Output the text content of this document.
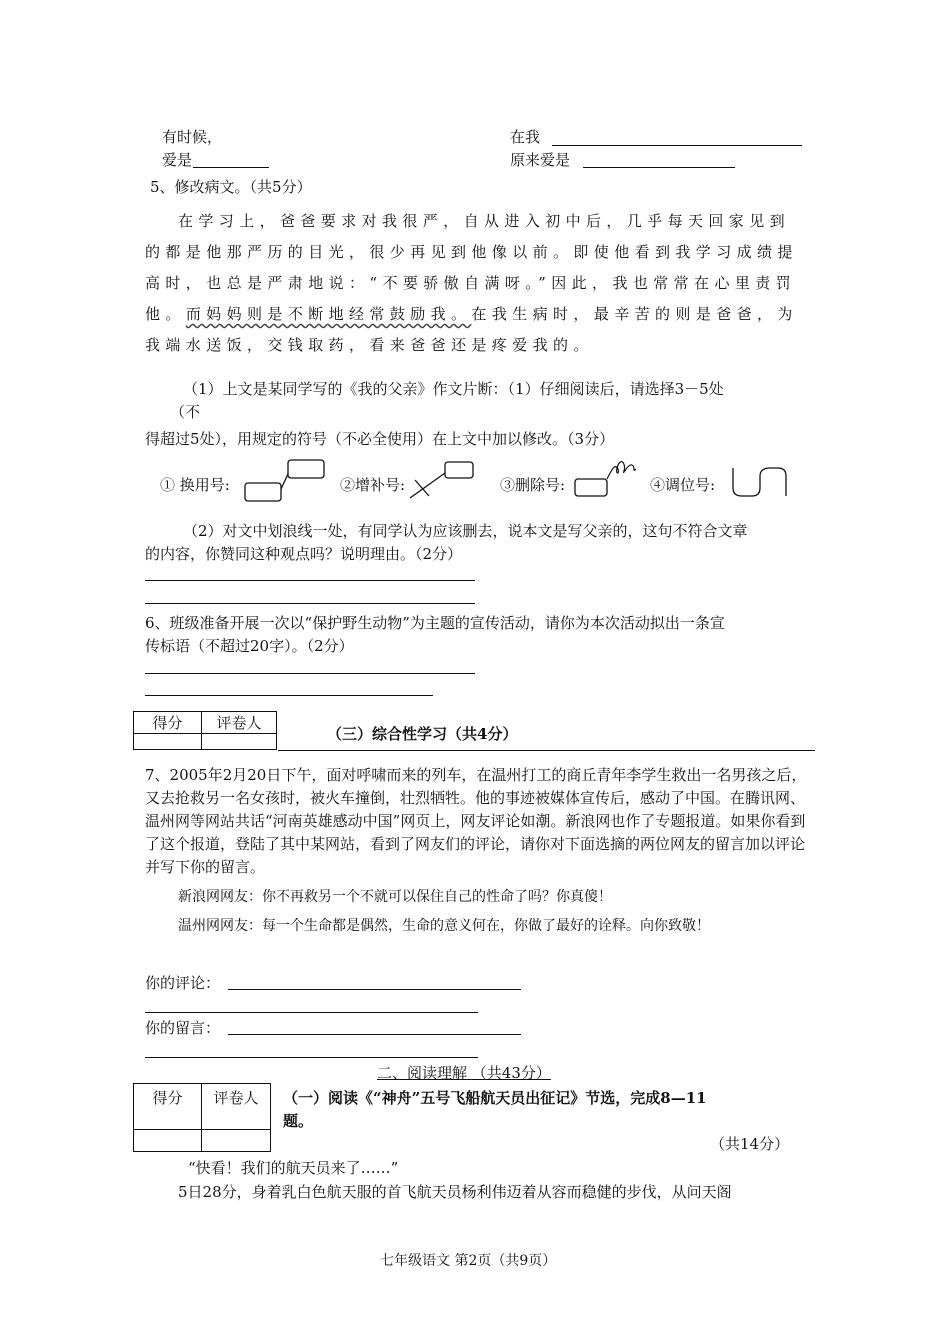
有时候，	在我
爱是	原来爱是
5、修改病文。（共5分）
在学习上，爸爸要求对我很严，自从进入初中后，几乎每天回家见到的都是他那严历的目光，很少再见到他像以前。即使他看到我学习成绩提高时，也总是严肃地说：“不要骄傲自满呀。”因此，我也常常在心里责罚他。而妈妈则是不断地经常鼓励我。在我生病时，最辛苦的则是爸爸，为我端水送饭，交钱取药，看来爸爸还是疼爱我的。
（1）上文是某同学写的《我的父亲》作文片断：（1）仔细阅读后，请选择3－5处
（不
得超过5处），用规定的符号（不必全使用）在上文中加以修改。（3分）
① 换用号:	②增补号:	③删除号:	④调位号:
（2）对文中划浪线一处，有同学认为应该删去，说本文是写父亲的，这句不符合文章
的内容，你赞同这种观点吗？说明理由。（2分）
6、班级准备开展一次以“保护野生动物”为主题的宣传活动，请你为本次活动拟出一条宣
传标语（不超过20字）。（2分）
得分	评卷人

（三）综合性学习（共4分）
7、2005年2月20日下午，面对呼啸而来的列车，在温州打工的商丘青年李学生救出一名男孩之后，又去抢救另一名女孩时，被火车撞倒，壮烈牺牲。他的事迹被媒体宣传后，感动了中国。在腾讯网、温州网等网站共话“河南英雄感动中国”网页上，网友评论如潮。新浪网也作了专题报道。如果你看到了这个报道，登陆了其中某网站，看到了网友们的评论，请你对下面选摘的两位网友的留言加以评论并写下你的留言。
新浪网网友：你不再救另一个不就可以保住自己的性命了吗？你真傻！
温州网网友：每一个生命都是偶然，生命的意义何在，你做了最好的诠释。向你致敬！
你的评论：
你的留言：
二、阅读理解 （共43分）
得分	评卷人
	（一）阅读《“神舟”五号飞船航天员出征记》节选，完成8—11
题。
（共14分）
“快看！我们的航天员来了……”
5日28分，身着乳白色航天服的首飞航天员杨利伟迈着从容而稳健的步伐，从问天阁
七年级语文 第2页（共9页）
